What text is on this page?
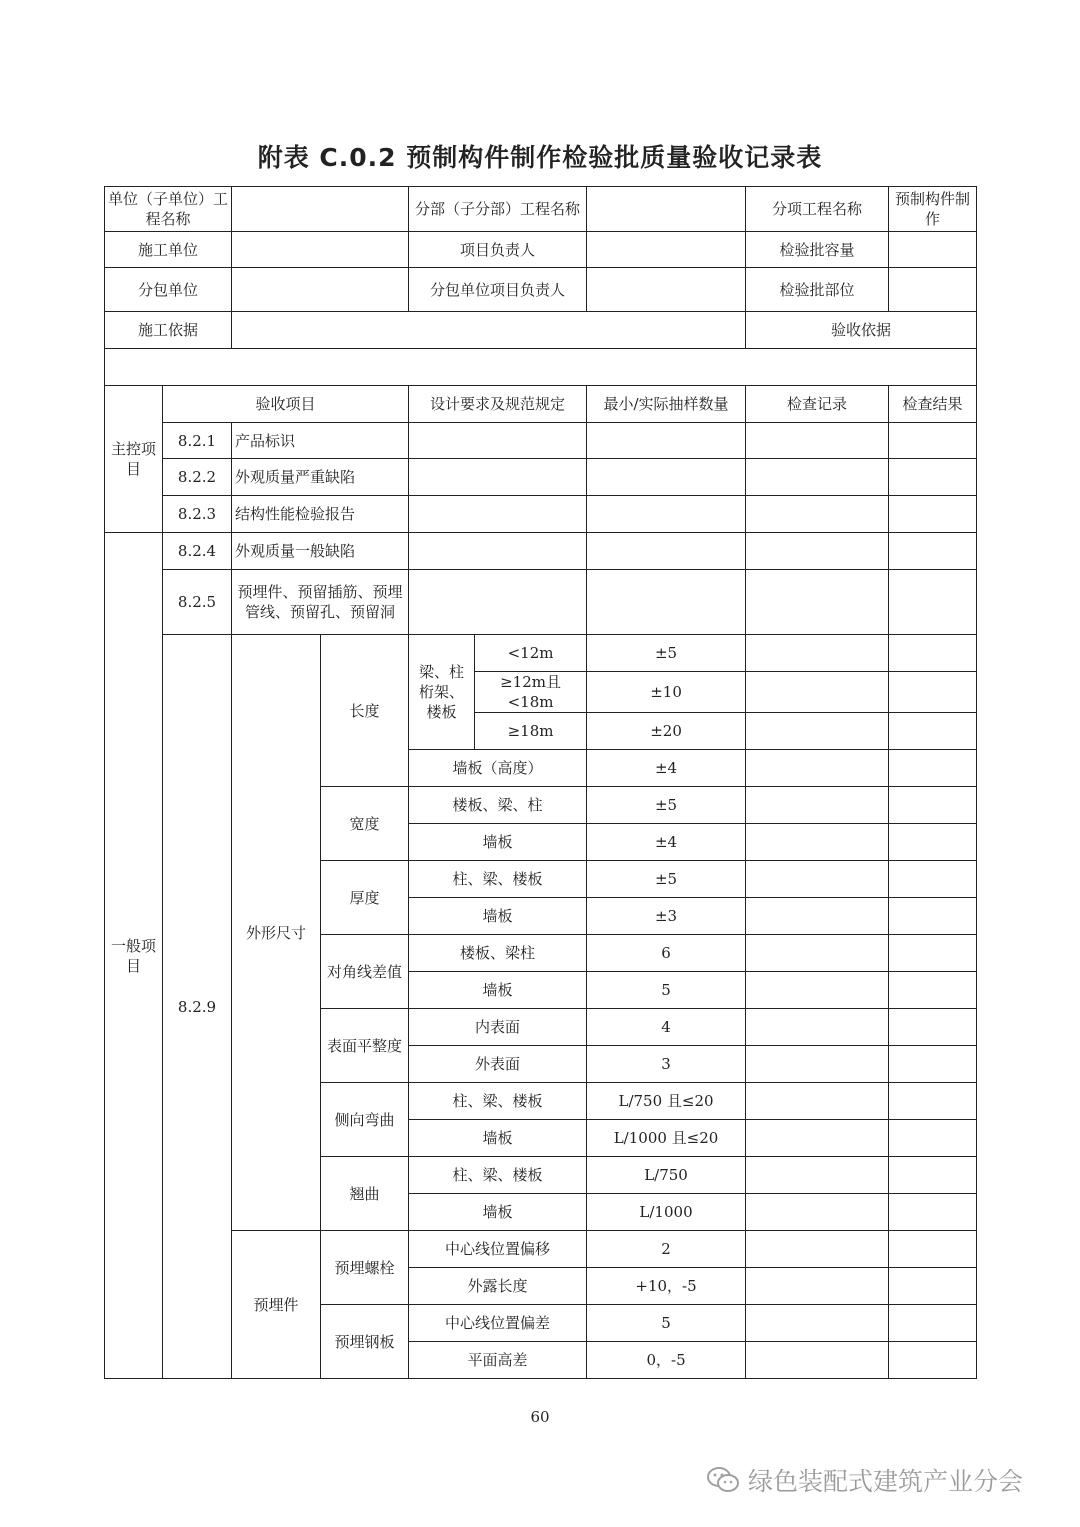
附表 C.0.2 预制构件制作检验批质量验收记录表
单位（子单位）工程名称				分部（子分部）工程名称			分项工程名称	预制构件制作	
施工单位				项目负责人			检验批容量		
分包单位				分包单位项目负责人			检验批部位		
施工依据							验收依据		

主控项目	验收项目			设计要求及规范规定		最小/实际抽样数量	检查记录	检查结果	
	8.2.1	产品标识							
	8.2.2	外观质量严重缺陷							
	8.2.3	结构性能检验报告							
一般项目	8.2.4	外观质量一般缺陷							
	8.2.5	预埋件、预留插筋、预埋管线、预留孔、预留洞							
	8.2.9	外形尺寸	长度	梁、柱桁架、楼板	<12m	±5			
					≥12m且<18m	±10			
					≥18m	±20			
				墙板（高度）		±4			
			宽度	楼板、梁、柱		±5			
				墙板		±4			
			厚度	柱、梁、楼板		±5			
				墙板		±3			
			对角线差值	楼板、梁柱		6			
				墙板		5			
			表面平整度	内表面		4			
				外表面		3			
			侧向弯曲	柱、梁、楼板		L/750 且≤20			
				墙板		L/1000 且≤20			
			翘曲	柱、梁、楼板		L/750			
				墙板		L/1000			
		预埋件	预埋螺栓	中心线位置偏移		2			
				外露长度		+10，-5			
			预埋钢板	中心线位置偏差		5			
				平面高差		0，-5			
60
绿色装配式建筑产业分会
